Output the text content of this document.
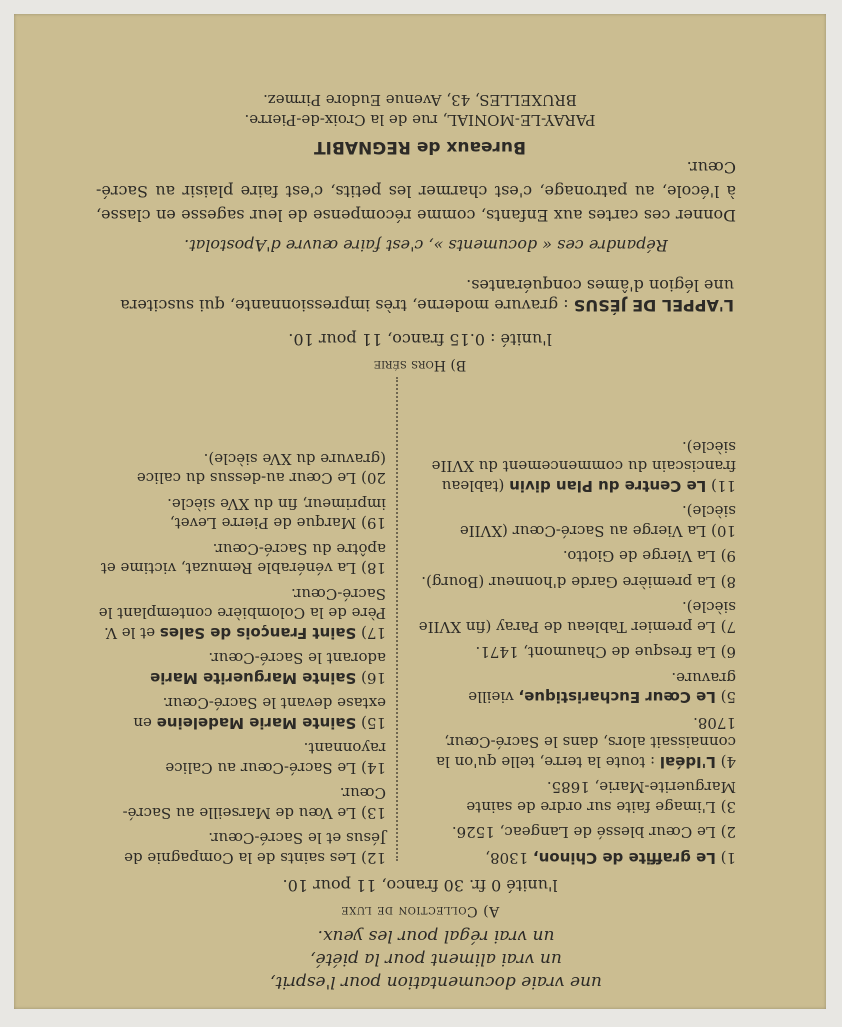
une vraie documentation pour l'esprit,
un vrai aliment pour la piété,
un vrai régal pour les yeux.
A) Collection de luxe
l'unité 0 fr. 30 franco, 11 pour 10.
1) Le graffite de Chinon, 1308,
2) Le Cœur blessé de Langeac, 1526.
3) L'image faite sur ordre de sainte Marguerite-Marie, 1685.
4) L'Idéal : toute la terre, telle qu'on la connaissait alors, dans le Sacré-Cœur, 1708.
5) Le Cœur Eucharistique, vieille gravure.
6) La fresque de Chaumont, 1471.
7) Le premier Tableau de Paray (fin XVIIe siècle).
8) La première Garde d'honneur (Bourg).
9) La Vierge de Giotto.
10) La Vierge au Sacré-Cœur (XVIIe siècle).
11) Le Centre du Plan divin (tableau franciscain du commencement du XVIIe siècle).
12) Les saints de la Compagnie de Jésus et le Sacré-Cœur.
13) Le Vœu de Marseille au Sacré-Cœur.
14) Le Sacré-Cœur au Calice rayonnant.
15) Sainte Marie Madeleine en extase devant le Sacré-Cœur.
16) Sainte Marguerite Marie adorant le Sacré-Cœur.
17) Saint François de Sales et le V. Père de la Colombière contemplant le Sacré-Cœur.
18) La vénérable Remuzat, victime et apôtre du Sacré-Cœur.
19) Marque de Pierre Levet, imprimeur, fin du XVe siècle.
20) Le Cœur au-dessus du calice (gravure du XVe siècle).
B) Hors série
l'unité : 0.15 franco, 11 pour 10.
L'APPEL DE JÉSUS : gravure moderne, très impressionnante, qui suscitera une légion d'âmes conquérantes.
Répandre ces « documents », c'est faire œuvre d'Apostolat.
Donner ces cartes aux Enfants, comme récompense de leur sagesse en classe, à l'école, au patronage, c'est charmer les petits, c'est faire plaisir au Sacré-Cœur.
Bureaux de REGNABIT
PARAY-LE-MONIAL, rue de la Croix-de-Pierre.
BRUXELLES, 43, Avenue Eudore Pirmez.
